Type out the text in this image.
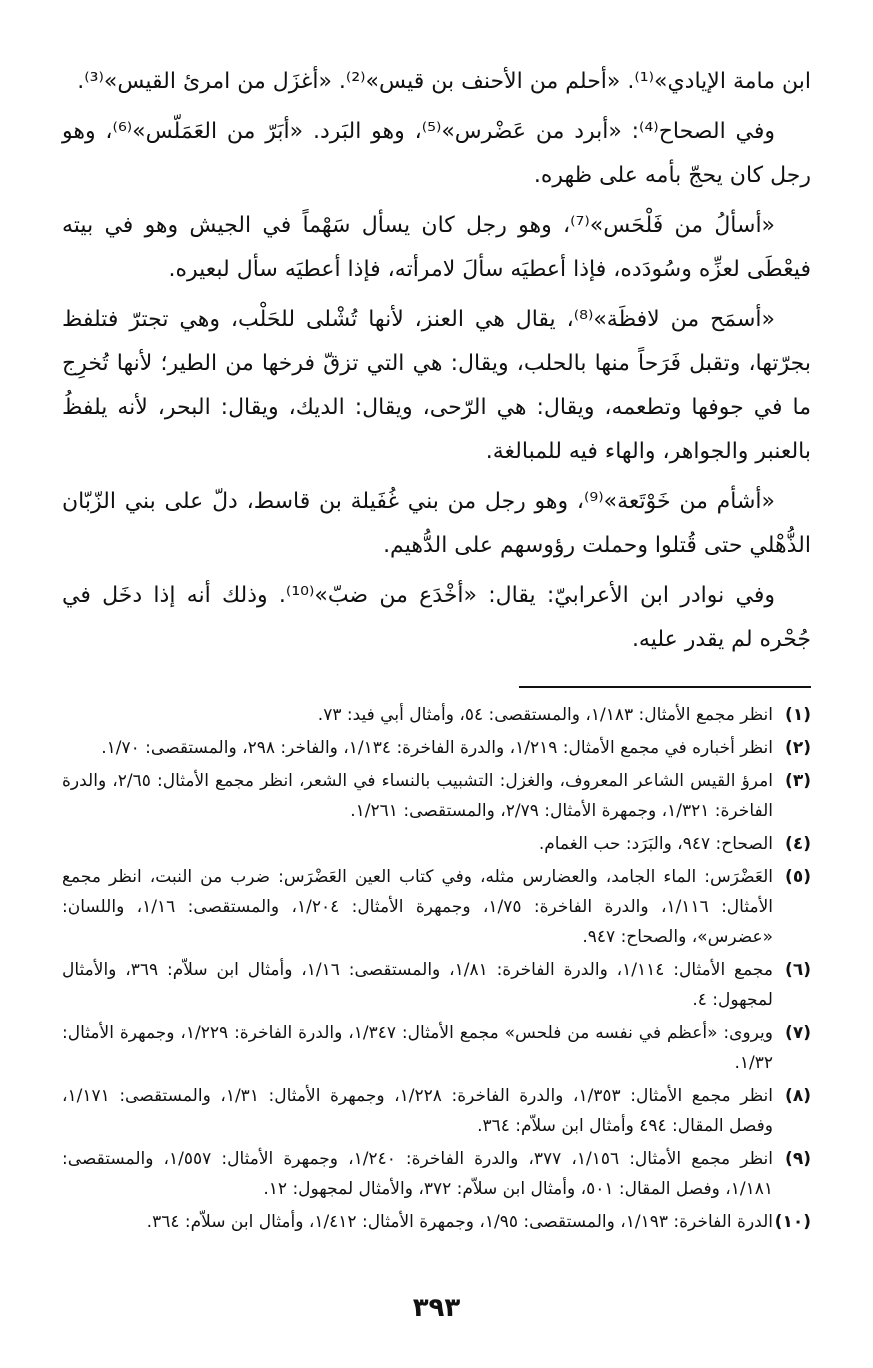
ابن مامة الإيادي»⁽¹⁾. «أحلم من الأحنف بن قيس»⁽²⁾. «أغزَل من امرئ القيس»⁽³⁾.

وفي الصحاح⁽⁴⁾: «أبرد من عَضْرس»⁽⁵⁾، وهو البَرد. «أبَرّ من العَمَلّس»⁽⁶⁾، وهو رجل كان يحجّ بأمه على ظهره.

«أسألُ من فَلْحَس»⁽⁷⁾، وهو رجل كان يسأل سَهْماً في الجيش وهو في بيته فيعْطَى لعزِّه وسُودَده، فإذا أعطيَه سألَ لامرأته، فإذا أعطيَه سأل لبعيره.

«أسمَح من لافظَة»⁽⁸⁾، يقال هي العنز، لأنها تُشْلى للحَلْب، وهي تجترّ فتلفظ بجرّتها، وتقبل فَرَحاً منها بالحلب، ويقال: هي التي تزقّ فرخها من الطير؛ لأنها تُخرِج ما في جوفها وتطعمه، ويقال: هي الرّحى، ويقال: الديك، ويقال: البحر، لأنه يلفظُ بالعنبر والجواهر، والهاء فيه للمبالغة.

«أشأم من خَوْتَعة»⁽⁹⁾، وهو رجل من بني غُفَيلة بن قاسط، دلّ على بني الزّبّان الذُّهْلي حتى قُتلوا وحملت رؤوسهم على الدُّهيم.

وفي نوادر ابن الأعرابيّ: يقال: «أخْدَع من ضبّ»⁽¹⁰⁾. وذلك أنه إذا دخَل في جُحْره لم يقدر عليه.

(١)
انظر مجمع الأمثال: ١/١٨٣، والمستقصى: ٥٤، وأمثال أبي فيد: ٧٣.
(٢)
انظر أخباره في مجمع الأمثال: ١/٢١٩، والدرة الفاخرة: ١/١٣٤، والفاخر: ٢٩٨، والمستقصى: ١/٧٠.
(٣)
امرؤ القيس الشاعر المعروف، والغزل: التشبيب بالنساء في الشعر، انظر مجمع الأمثال: ٢/٦٥، والدرة الفاخرة: ١/٣٢١، وجمهرة الأمثال: ٢/٧٩، والمستقصى: ١/٢٦١.
(٤)
الصحاح: ٩٤٧، والبَرَد: حب الغمام.
(٥)
العَضْرَس: الماء الجامد، والعضارس مثله، وفي كتاب العين العَضْرَس: ضرب من النبت، انظر مجمع الأمثال: ١/١١٦، والدرة الفاخرة: ١/٧٥، وجمهرة الأمثال: ١/٢٠٤، والمستقصى: ١/١٦، واللسان: «عضرس»، والصحاح: ٩٤٧.
(٦)
مجمع الأمثال: ١/١١٤، والدرة الفاخرة: ١/٨١، والمستقصى: ١/١٦، وأمثال ابن سلاّم: ٣٦٩، والأمثال لمجهول: ٤.
(٧)
ويروى: «أعظم في نفسه من فلحس» مجمع الأمثال: ١/٣٤٧، والدرة الفاخرة: ١/٢٢٩، وجمهرة الأمثال: ١/٣٢.
(٨)
انظر مجمع الأمثال: ١/٣٥٣، والدرة الفاخرة: ١/٢٢٨، وجمهرة الأمثال: ١/٣١، والمستقصى: ١/١٧١، وفصل المقال: ٤٩٤ وأمثال ابن سلاّم: ٣٦٤.
(٩)
انظر مجمع الأمثال: ١/١٥٦، ٣٧٧، والدرة الفاخرة: ١/٢٤٠، وجمهرة الأمثال: ١/٥٥٧، والمستقصى: ١/١٨١، وفصل المقال: ٥٠١، وأمثال ابن سلاّم: ٣٧٢، والأمثال لمجهول: ١٢.
(١٠)
الدرة الفاخرة: ١/١٩٣، والمستقصى: ١/٩٥، وجمهرة الأمثال: ١/٤١٢، وأمثال ابن سلاّم: ٣٦٤.
٣٩٣
